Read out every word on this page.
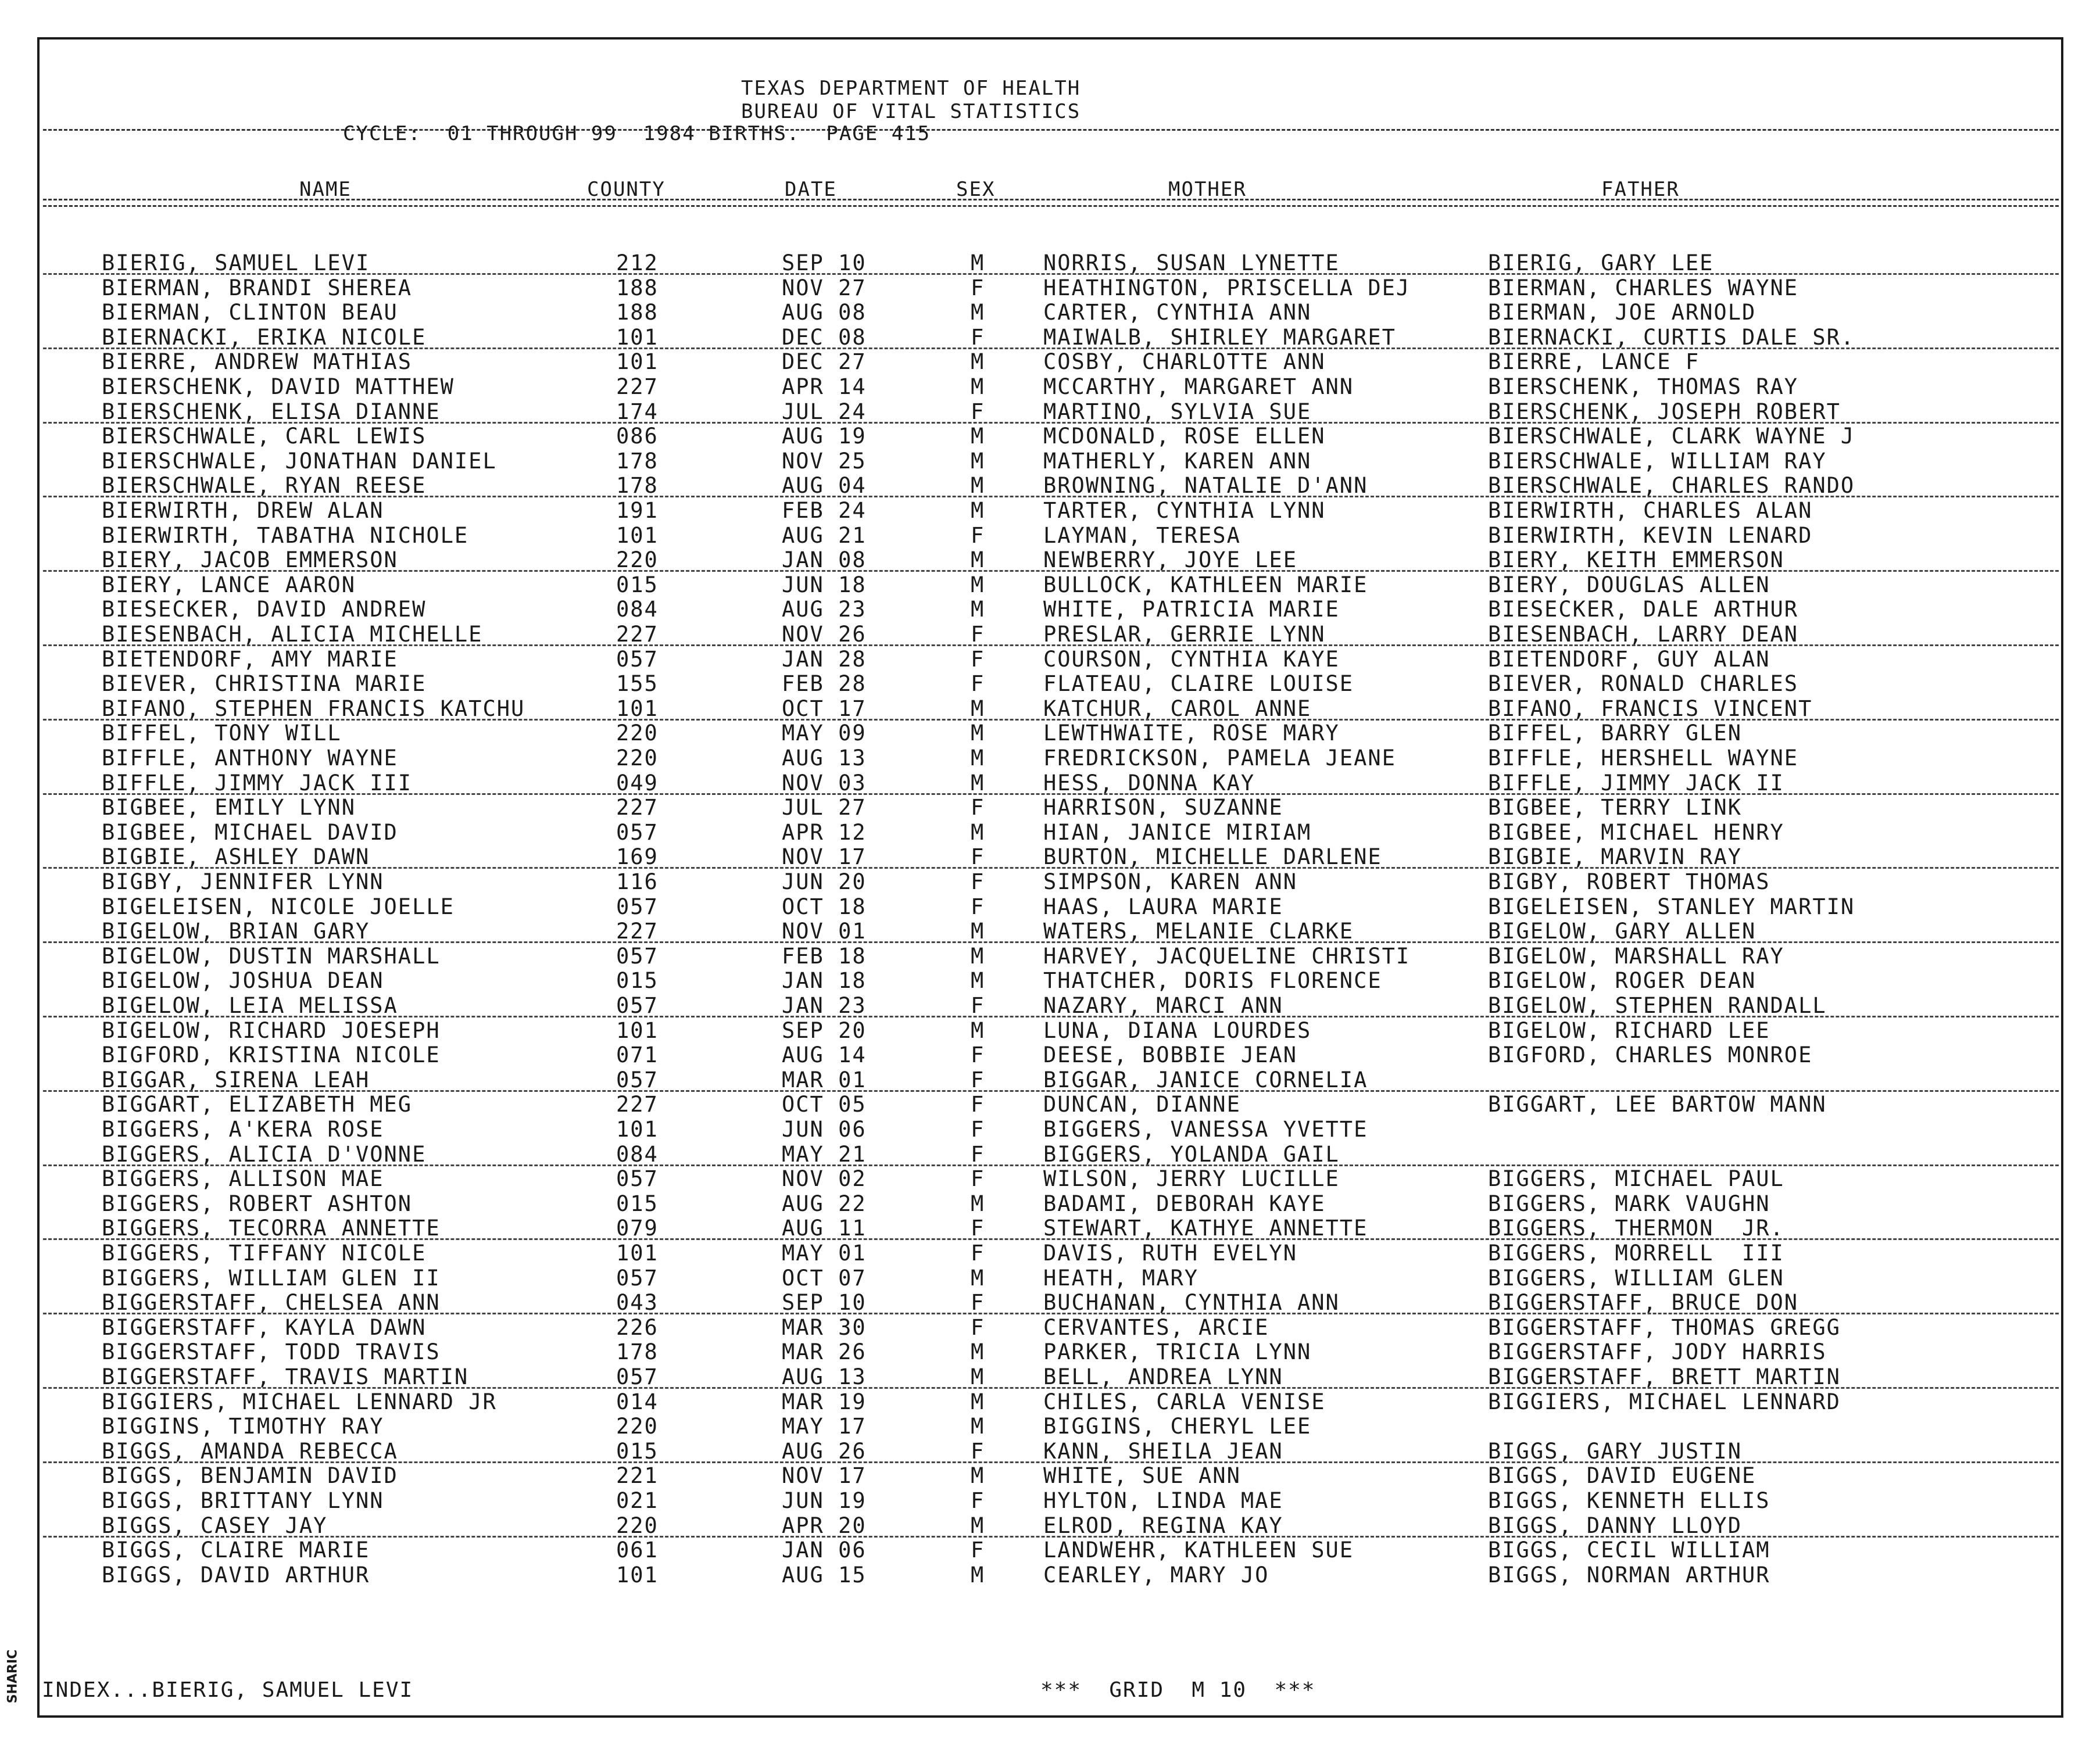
TEXAS DEPARTMENT OF HEALTH
BUREAU OF VITAL STATISTICS
CYCLE:  01 THROUGH 99  1984 BIRTHS.  PAGE 415
NAME	COUNTY	DATE	SEX	MOTHER	FATHER
BIERIG, SAMUEL LEVI	212	SEP 10	M	NORRIS, SUSAN LYNETTE	BIERIG, GARY LEE
BIERMAN, BRANDI SHEREA	188	NOV 27	F	HEATHINGTON, PRISCELLA DEJ	BIERMAN, CHARLES WAYNE
BIERMAN, CLINTON BEAU	188	AUG 08	M	CARTER, CYNTHIA ANN	BIERMAN, JOE ARNOLD
BIERNACKI, ERIKA NICOLE	101	DEC 08	F	MAIWALB, SHIRLEY MARGARET	BIERNACKI, CURTIS DALE SR.
BIERRE, ANDREW MATHIAS	101	DEC 27	M	COSBY, CHARLOTTE ANN	BIERRE, LANCE F
BIERSCHENK, DAVID MATTHEW	227	APR 14	M	MCCARTHY, MARGARET ANN	BIERSCHENK, THOMAS RAY
BIERSCHENK, ELISA DIANNE	174	JUL 24	F	MARTINO, SYLVIA SUE	BIERSCHENK, JOSEPH ROBERT
BIERSCHWALE, CARL LEWIS	086	AUG 19	M	MCDONALD, ROSE ELLEN	BIERSCHWALE, CLARK WAYNE J
BIERSCHWALE, JONATHAN DANIEL	178	NOV 25	M	MATHERLY, KAREN ANN	BIERSCHWALE, WILLIAM RAY
BIERSCHWALE, RYAN REESE	178	AUG 04	M	BROWNING, NATALIE D'ANN	BIERSCHWALE, CHARLES RANDO
BIERWIRTH, DREW ALAN	191	FEB 24	M	TARTER, CYNTHIA LYNN	BIERWIRTH, CHARLES ALAN
BIERWIRTH, TABATHA NICHOLE	101	AUG 21	F	LAYMAN, TERESA	BIERWIRTH, KEVIN LENARD
BIERY, JACOB EMMERSON	220	JAN 08	M	NEWBERRY, JOYE LEE	BIERY, KEITH EMMERSON
BIERY, LANCE AARON	015	JUN 18	M	BULLOCK, KATHLEEN MARIE	BIERY, DOUGLAS ALLEN
BIESECKER, DAVID ANDREW	084	AUG 23	M	WHITE, PATRICIA MARIE	BIESECKER, DALE ARTHUR
BIESENBACH, ALICIA MICHELLE	227	NOV 26	F	PRESLAR, GERRIE LYNN	BIESENBACH, LARRY DEAN
BIETENDORF, AMY MARIE	057	JAN 28	F	COURSON, CYNTHIA KAYE	BIETENDORF, GUY ALAN
BIEVER, CHRISTINA MARIE	155	FEB 28	F	FLATEAU, CLAIRE LOUISE	BIEVER, RONALD CHARLES
BIFANO, STEPHEN FRANCIS KATCHU	101	OCT 17	M	KATCHUR, CAROL ANNE	BIFANO, FRANCIS VINCENT
BIFFEL, TONY WILL	220	MAY 09	M	LEWTHWAITE, ROSE MARY	BIFFEL, BARRY GLEN
BIFFLE, ANTHONY WAYNE	220	AUG 13	M	FREDRICKSON, PAMELA JEANE	BIFFLE, HERSHELL WAYNE
BIFFLE, JIMMY JACK III	049	NOV 03	M	HESS, DONNA KAY	BIFFLE, JIMMY JACK II
BIGBEE, EMILY LYNN	227	JUL 27	F	HARRISON, SUZANNE	BIGBEE, TERRY LINK
BIGBEE, MICHAEL DAVID	057	APR 12	M	HIAN, JANICE MIRIAM	BIGBEE, MICHAEL HENRY
BIGBIE, ASHLEY DAWN	169	NOV 17	F	BURTON, MICHELLE DARLENE	BIGBIE, MARVIN RAY
BIGBY, JENNIFER LYNN	116	JUN 20	F	SIMPSON, KAREN ANN	BIGBY, ROBERT THOMAS
BIGELEISEN, NICOLE JOELLE	057	OCT 18	F	HAAS, LAURA MARIE	BIGELEISEN, STANLEY MARTIN
BIGELOW, BRIAN GARY	227	NOV 01	M	WATERS, MELANIE CLARKE	BIGELOW, GARY ALLEN
BIGELOW, DUSTIN MARSHALL	057	FEB 18	M	HARVEY, JACQUELINE CHRISTI	BIGELOW, MARSHALL RAY
BIGELOW, JOSHUA DEAN	015	JAN 18	M	THATCHER, DORIS FLORENCE	BIGELOW, ROGER DEAN
BIGELOW, LEIA MELISSA	057	JAN 23	F	NAZARY, MARCI ANN	BIGELOW, STEPHEN RANDALL
BIGELOW, RICHARD JOESEPH	101	SEP 20	M	LUNA, DIANA LOURDES	BIGELOW, RICHARD LEE
BIGFORD, KRISTINA NICOLE	071	AUG 14	F	DEESE, BOBBIE JEAN	BIGFORD, CHARLES MONROE
BIGGAR, SIRENA LEAH	057	MAR 01	F	BIGGAR, JANICE CORNELIA
BIGGART, ELIZABETH MEG	227	OCT 05	F	DUNCAN, DIANNE	BIGGART, LEE BARTOW MANN
BIGGERS, A'KERA ROSE	101	JUN 06	F	BIGGERS, VANESSA YVETTE
BIGGERS, ALICIA D'VONNE	084	MAY 21	F	BIGGERS, YOLANDA GAIL
BIGGERS, ALLISON MAE	057	NOV 02	F	WILSON, JERRY LUCILLE	BIGGERS, MICHAEL PAUL
BIGGERS, ROBERT ASHTON	015	AUG 22	M	BADAMI, DEBORAH KAYE	BIGGERS, MARK VAUGHN
BIGGERS, TECORRA ANNETTE	079	AUG 11	F	STEWART, KATHYE ANNETTE	BIGGERS, THERMON  JR.
BIGGERS, TIFFANY NICOLE	101	MAY 01	F	DAVIS, RUTH EVELYN	BIGGERS, MORRELL  III
BIGGERS, WILLIAM GLEN II	057	OCT 07	M	HEATH, MARY	BIGGERS, WILLIAM GLEN
BIGGERSTAFF, CHELSEA ANN	043	SEP 10	F	BUCHANAN, CYNTHIA ANN	BIGGERSTAFF, BRUCE DON
BIGGERSTAFF, KAYLA DAWN	226	MAR 30	F	CERVANTES, ARCIE	BIGGERSTAFF, THOMAS GREGG
BIGGERSTAFF, TODD TRAVIS	178	MAR 26	M	PARKER, TRICIA LYNN	BIGGERSTAFF, JODY HARRIS
BIGGERSTAFF, TRAVIS MARTIN	057	AUG 13	M	BELL, ANDREA LYNN	BIGGERSTAFF, BRETT MARTIN
BIGGIERS, MICHAEL LENNARD JR	014	MAR 19	M	CHILES, CARLA VENISE	BIGGIERS, MICHAEL LENNARD
BIGGINS, TIMOTHY RAY	220	MAY 17	M	BIGGINS, CHERYL LEE
BIGGS, AMANDA REBECCA	015	AUG 26	F	KANN, SHEILA JEAN	BIGGS, GARY JUSTIN
BIGGS, BENJAMIN DAVID	221	NOV 17	M	WHITE, SUE ANN	BIGGS, DAVID EUGENE
BIGGS, BRITTANY LYNN	021	JUN 19	F	HYLTON, LINDA MAE	BIGGS, KENNETH ELLIS
BIGGS, CASEY JAY	220	APR 20	M	ELROD, REGINA KAY	BIGGS, DANNY LLOYD
BIGGS, CLAIRE MARIE	061	JAN 06	F	LANDWEHR, KATHLEEN SUE	BIGGS, CECIL WILLIAM
BIGGS, DAVID ARTHUR	101	AUG 15	M	CEARLEY, MARY JO	BIGGS, NORMAN ARTHUR
INDEX...BIERIG, SAMUEL LEVI	***  GRID  M 10  ***
SHARIC
